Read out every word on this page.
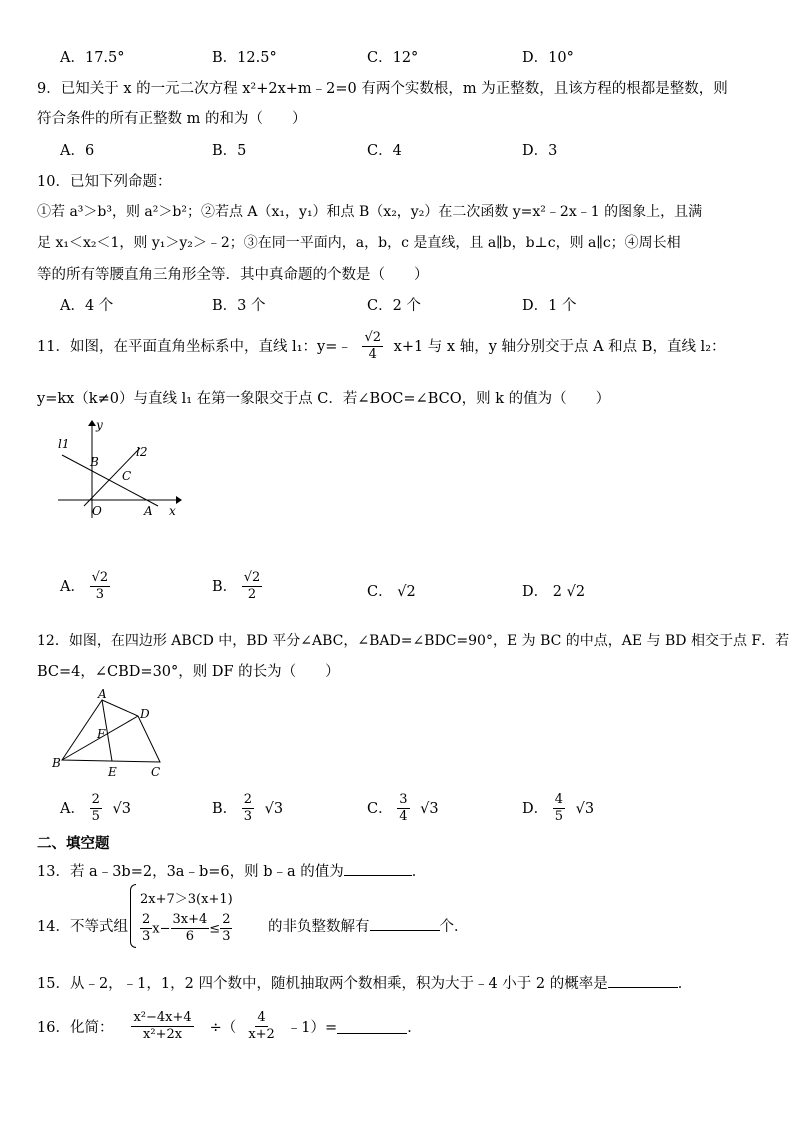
A．17.5°	B．12.5°	C．12°	D．10°
9．已知关于 x 的一元二次方程 x²+2x+m﹣2=0 有两个实数根，m 为正整数，且该方程的根都是整数，则
符合条件的所有正整数 m 的和为（　　）
A．6	B．5	C．4	D．3
10．已知下列命题：
①若 a³＞b³，则 a²＞b²；②若点 A（x₁，y₁）和点 B（x₂，y₂）在二次函数 y=x²﹣2x﹣1 的图象上，且满
足 x₁＜x₂＜1，则 y₁＞y₂＞﹣2；③在同一平面内，a，b，c 是直线，且 a∥b，b⊥c，则 a∥c；④周长相
等的所有等腰直角三角形全等．其中真命题的个数是（　　）
A．4 个	B．3 个	C．2 个	D．1 个
11．如图，在平面直角坐标系中，直线 l₁：y=﹣ $\frac{√2}{4} x+1$ 与 x 轴，y 轴分别交于点 A 和点 B，直线 l₂：
y=kx（k≠0）与直线 l₁ 在第一象限交于点 C．若∠BOC=∠BCO，则 k 的值为（　　）
y
l1
l2
B
C
O	A x
A． $\frac{√2}{3}$	B． $\frac{√2}{2}$	C． √2	D． 2 √2
12．如图，在四边形 ABCD 中，BD 平分∠ABC，∠BAD=∠BDC=90°，E 为 BC 的中点，AE 与 BD 相交于点 F．若
BC=4，∠CBD=30°，则 DF 的长为（　　）
A
D
F
B
E	C
A． $\frac{2}{5} √3$	B． $\frac{2}{3} √3$	C． $\frac{3}{4} √3$	D． $\frac{4}{5} √3$
二、填空题
13．若 a﹣3b=2，3a﹣b=6，则 b﹣a 的值为	．
14．不等式组
2x+7＞3(x+1)
$\frac{2}{3} x- \frac{3x+4}{6} \le \frac{2}{3}$ 的非负整数解有	个．
15．从﹣2，﹣1，1，2 四个数中，随机抽取两个数相乘，积为大于﹣4 小于 2 的概率是	．
16．化简： $\frac{\text{x²−4x+4}}{\text{x²+2x}}$ ÷（ $\frac{4}{x+2}$ ﹣1）=	．
